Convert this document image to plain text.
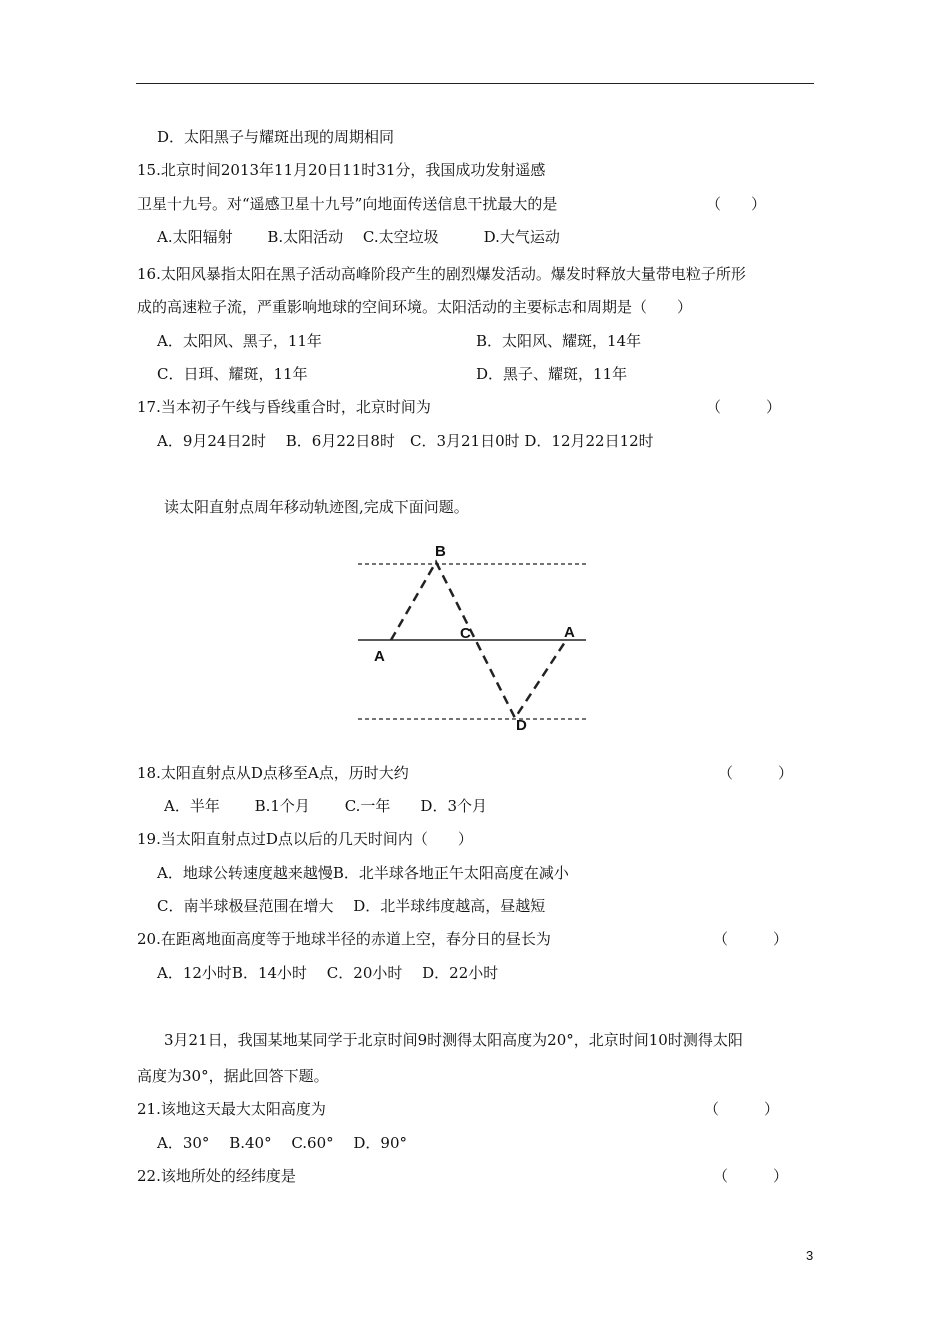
D．太阳黑子与耀斑出现的周期相同
15.北京时间2013年11月20日11时31分，我国成功发射遥感
卫星十九号。对“遥感卫星十九号”向地面传送信息干扰最大的是	（　　）
A.太阳辐射　　 B.太阳活动　 C.太空垃圾　　　D.大气运动
16.太阳风暴指太阳在黑子活动高峰阶段产生的剧烈爆发活动。爆发时释放大量带电粒子所形
成的高速粒子流，严重影响地球的空间环境。太阳活动的主要标志和周期是（　　）
A．太阳风、黑子，11年	B．太阳风、耀斑，14年
C．日珥、耀斑，11年	D．黑子、耀斑，11年
17.当本初子午线与昏线重合时，北京时间为	（　　　）
A．9月24日2时　 B．6月22日8时　C．3月21日0时 D．12月22日12时
读太阳直射点周年移动轨迹图,完成下面问题。
B
C
A
A
D
18.太阳直射点从D点移至A点，历时大约	（　　　）
A．半年　　 B.1个月　　 C.一年　　D．3个月
19.当太阳直射点过D点以后的几天时间内（　　）
A．地球公转速度越来越慢B．北半球各地正午太阳高度在减小
C．南半球极昼范围在增大　 D．北半球纬度越高，昼越短
20.在距离地面高度等于地球半径的赤道上空，春分日的昼长为	（　　　）
A．12小时B．14小时　 C．20小时　 D．22小时
3月21日，我国某地某同学于北京时间9时测得太阳高度为20°，北京时间10时测得太阳
高度为30°，据此回答下题。
21.该地这天最大太阳高度为	（　　　）
A．30°　 B.40°　 C.60°　 D．90°
22.该地所处的经纬度是	（　　　）
3
